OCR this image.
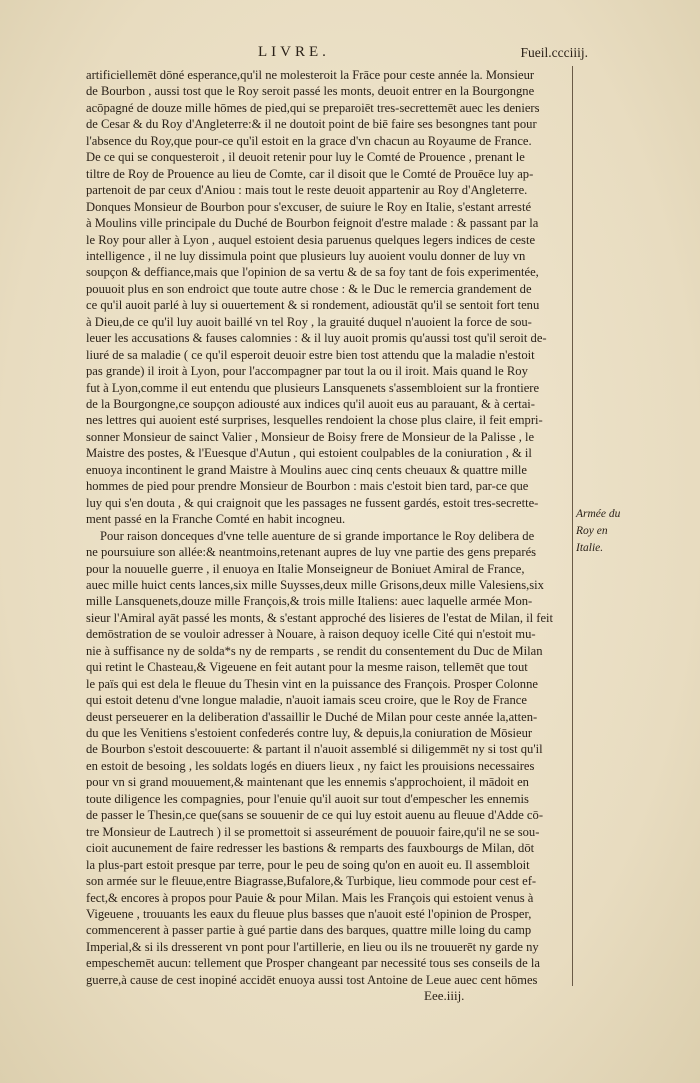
LIVRE.	Fueil.ccciiij.
artificiellemēt dōné esperance,qu'il ne molesteroit la Frāce pour ceste année la. Monsieur
de Bourbon , aussi tost que le Roy seroit passé les monts, deuoit entrer en la Bourgongne
acōpagné de douze mille hōmes de pied,qui se preparoiēt tres-secrettemēt auec les deniers
de Cesar & du Roy d'Angleterre:& il ne doutoit point de biē faire ses besongnes tant pour
l'absence du Roy,que pour-ce qu'il estoit en la grace d'vn chacun au Royaume de France.
De ce qui se conquesteroit , il deuoit retenir pour luy le Comté de Prouence , prenant le
tiltre de Roy de Prouence au lieu de Comte, car il disoit que le Comté de Prouēce luy ap-
partenoit de par ceux d'Aniou : mais tout le reste deuoit appartenir au Roy d'Angleterre.
Donques Monsieur de Bourbon pour s'excuser, de suiure le Roy en Italie, s'estant arresté
à Moulins ville principale du Duché de Bourbon feignoit d'estre malade : & passant par la
le Roy pour aller à Lyon , auquel estoient desia paruenus quelques legers indices de ceste
intelligence , il ne luy dissimula point que plusieurs luy auoient voulu donner de luy vn
soupçon & deffiance,mais que l'opinion de sa vertu & de sa foy tant de fois experimentée,
pouuoit plus en son endroict que toute autre chose : & le Duc le remercia grandement de
ce qu'il auoit parlé à luy si ouuertement & si rondement, adioustāt qu'il se sentoit fort tenu
à Dieu,de ce qu'il luy auoit baillé vn tel Roy , la grauité duquel n'auoient la force de sou-
leuer les accusations & fauses calomnies : & il luy auoit promis qu'aussi tost qu'il seroit de-
liuré de sa maladie ( ce qu'il esperoit deuoir estre bien tost attendu que la maladie n'estoit
pas grande) il iroit à Lyon, pour l'accompagner par tout la ou il iroit. Mais quand le Roy
fut à Lyon,comme il eut entendu que plusieurs Lansquenets s'assembloient sur la frontiere
de la Bourgongne,ce soupçon adiousté aux indices qu'il auoit eus au parauant, & à certai-
nes lettres qui auoient esté surprises, lesquelles rendoient la chose plus claire, il feit empri-
sonner Monsieur de sainct Valier , Monsieur de Boisy frere de Monsieur de la Palisse , le
Maistre des postes, & l'Euesque d'Autun , qui estoient coulpables de la coniuration , & il
enuoya incontinent le grand Maistre à Moulins auec cinq cents cheuaux & quattre mille
hommes de pied pour prendre Monsieur de Bourbon : mais c'estoit bien tard, par-ce que
luy qui s'en douta , & qui craignoit que les passages ne fussent gardés, estoit tres-secrette-
ment passé en la Franche Comté en habit incogneu.
Pour raison donceques d'vne telle auenture de si grande importance le Roy delibera de
ne poursuiure son allée:& neantmoins,retenant aupres de luy vne partie des gens preparés
pour la nouuelle guerre , il enuoya en Italie Monseigneur de Boniuet Amiral de France,
auec mille huict cents lances,six mille Suysses,deux mille Grisons,deux mille Valesiens,six
mille Lansquenets,douze mille François,& trois mille Italiens: auec laquelle armée Mon-
sieur l'Amiral ayāt passé les monts, & s'estant approché des lisieres de l'estat de Milan, il feit
demōstration de se vouloir adresser à Nouare, à raison dequoy icelle Cité qui n'estoit mu-
nie à suffisance ny de solda*s ny de remparts , se rendit du consentement du Duc de Milan
qui retint le Chasteau,& Vigeuene en feit autant pour la mesme raison, tellemēt que tout
le païs qui est dela le fleuue du Thesin vint en la puissance des François. Prosper Colonne
qui estoit detenu d'vne longue maladie, n'auoit iamais sceu croire, que le Roy de France
deust perseuerer en la deliberation d'assaillir le Duché de Milan pour ceste année la,atten-
du que les Venitiens s'estoient confederés contre luy, & depuis,la coniuration de Mōsieur
de Bourbon s'estoit descouuerte: & partant il n'auoit assemblé si diligemmēt ny si tost qu'il
en estoit de besoing , les soldats logés en diuers lieux , ny faict les prouisions necessaires
pour vn si grand mouuement,& maintenant que les ennemis s'approchoient, il mādoit en
toute diligence les compagnies, pour l'enuie qu'il auoit sur tout d'empescher les ennemis
de passer le Thesin,ce que(sans se souuenir de ce qui luy estoit auenu au fleuue d'Adde cō-
tre Monsieur de Lautrech ) il se promettoit si asseurément de pouuoir faire,qu'il ne se sou-
cioit aucunement de faire redresser les bastions & remparts des fauxbourgs de Milan, dōt
la plus-part estoit presque par terre, pour le peu de soing qu'on en auoit eu. Il assembloit
son armée sur le fleuue,entre Biagrasse,Bufalore,& Turbique, lieu commode pour cest ef-
fect,& encores à propos pour Pauie & pour Milan. Mais les François qui estoient venus à
Vigeuene , trouuants les eaux du fleuue plus basses que n'auoit esté l'opinion de Prosper,
commencerent à passer partie à gué partie dans des barques, quattre mille loing du camp
Imperial,& si ils dresserent vn pont pour l'artillerie, en lieu ou ils ne trouuerēt ny garde ny
empeschemēt aucun: tellement que Prosper changeant par necessité tous ses conseils de la
guerre,à cause de cest inopiné accidēt enuoya aussi tost Antoine de Leue auec cent hōmes
Armée du
Roy en
Italie.
Eee.iiij.
